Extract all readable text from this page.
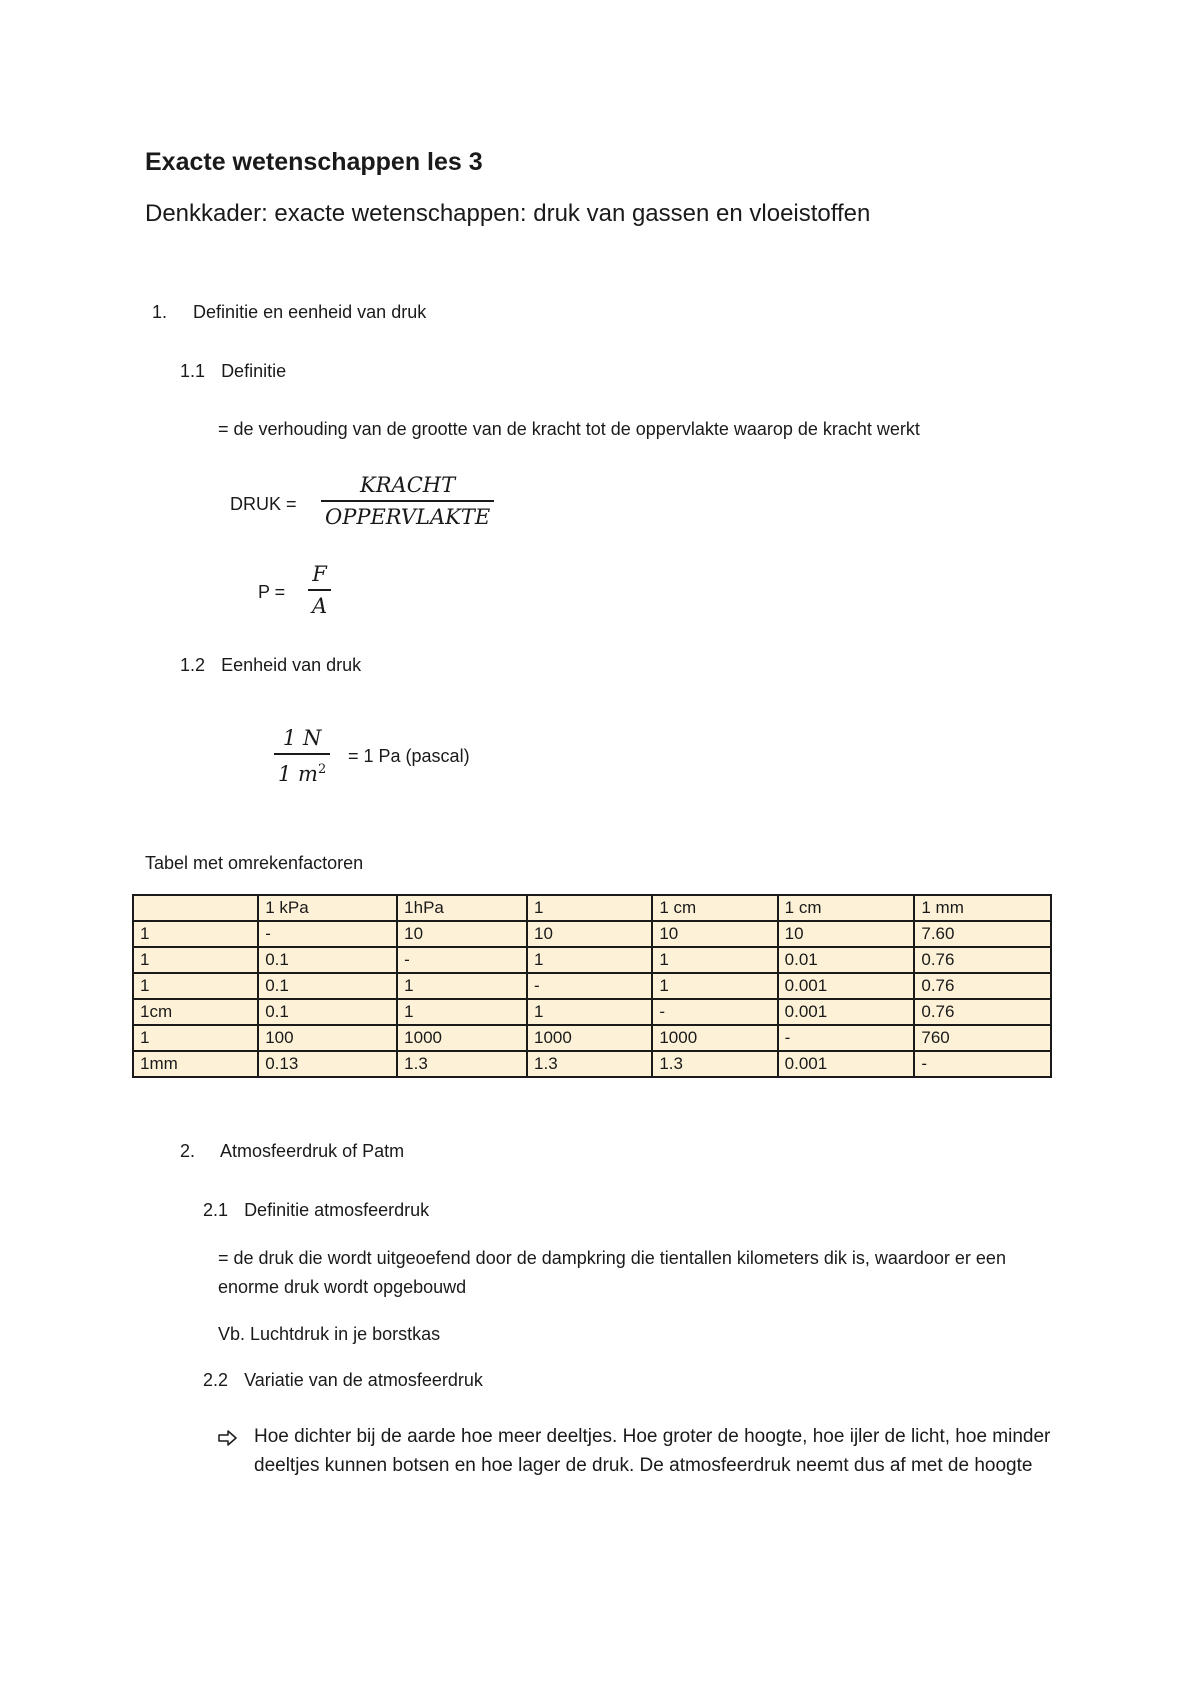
Exacte wetenschappen les 3
Denkkader: exacte wetenschappen: druk van gassen en vloeistoffen
1. Definitie en eenheid van druk
1.1 Definitie
= de verhouding van de grootte van de kracht tot de oppervlakte waarop de kracht werkt
DRUK =
KRACHT
OPPERVLAKTE
P =
F
A
1.2 Eenheid van druk
1 N
1 $m^2$
= 1 Pa (pascal)
Tabel met omrekenfactoren
	1 kPa	1hPa	1	1 cm	1 cm	1 mm
1	-	10	10	10	10	7.60
1	0.1	-	1	1	0.01	0.76
1	0.1	1	-	1	0.001	0.76
1cm	0.1	1	1	-	0.001	0.76
1	100	1000	1000	1000	-	760
1mm	0.13	1.3	1.3	1.3	0.001	-
2. Atmosfeerdruk of Patm
2.1 Definitie atmosfeerdruk
= de druk die wordt uitgeoefend door de dampkring die tientallen kilometers dik is, waardoor er een enorme druk wordt opgebouwd
Vb. Luchtdruk in je borstkas
2.2 Variatie van de atmosfeerdruk
Hoe dichter bij de aarde hoe meer deeltjes. Hoe groter de hoogte, hoe ijler de licht, hoe minder deeltjes kunnen botsen en hoe lager de druk. De atmosfeerdruk neemt dus af met de hoogte
